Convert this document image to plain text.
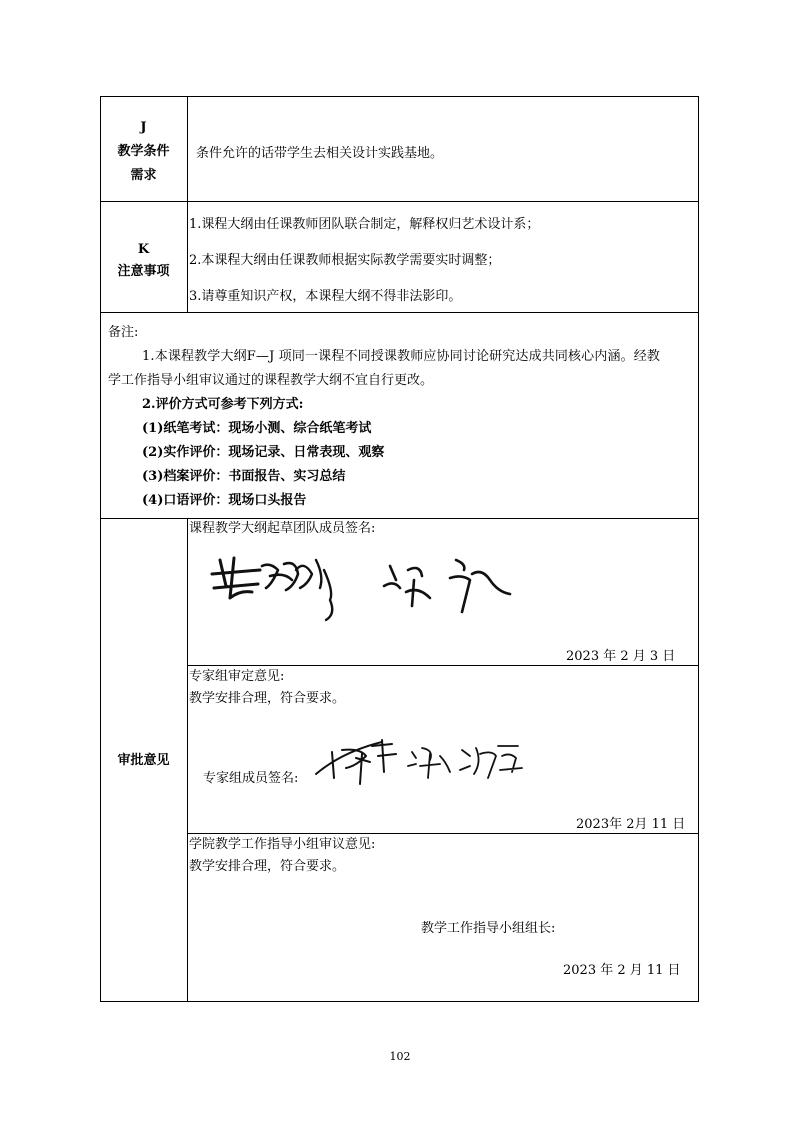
J
教学条件
需求
条件允许的话带学生去相关设计实践基地。
K
注意事项
1.课程大纲由任课教师团队联合制定，解释权归艺术设计系；
2.本课程大纲由任课教师根据实际教学需要实时调整；
3.请尊重知识产权，本课程大纲不得非法影印。
备注:
1.本课程教学大纲F—J 项同一课程不同授课教师应协同讨论研究达成共同核心内涵。经教
学工作指导小组审议通过的课程教学大纲不宜自行更改。
2.评价方式可参考下列方式:
(1)纸笔考试：现场小测、综合纸笔考试
(2)实作评价：现场记录、日常表现、观察
(3)档案评价：书面报告、实习总结
(4)口语评价：现场口头报告
审批意见
课程教学大纲起草团队成员签名:
2023 年 2 月 3 日
专家组审定意见:
教学安排合理，符合要求。
专家组成员签名:
2023年 2月 11 日
学院教学工作指导小组审议意见:
教学安排合理，符合要求。
教学工作指导小组组长:
2023 年 2 月 11 日
102
